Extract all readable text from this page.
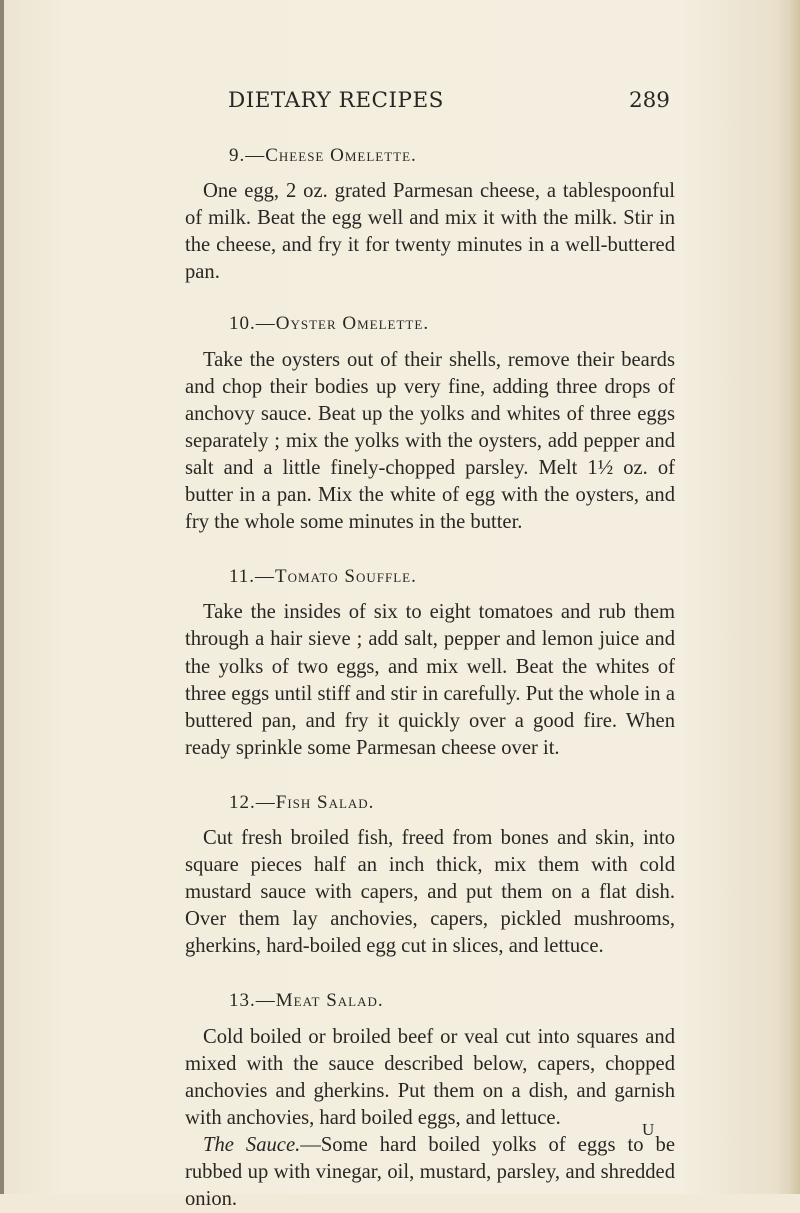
DIETARY RECIPES	289
9.—Cheese Omelette.

One egg, 2 oz. grated Parmesan cheese, a tablespoonful of milk. Beat the egg well and mix it with the milk. Stir in the cheese, and fry it for twenty minutes in a well-buttered pan.

10.—Oyster Omelette.

Take the oysters out of their shells, remove their beards and chop their bodies up very fine, adding three drops of anchovy sauce. Beat up the yolks and whites of three eggs separately ; mix the yolks with the oysters, add pepper and salt and a little finely-chopped parsley. Melt 1½ oz. of butter in a pan. Mix the white of egg with the oysters, and fry the whole some minutes in the butter.

11.—Tomato Souffle.

Take the insides of six to eight tomatoes and rub them through a hair sieve ; add salt, pepper and lemon juice and the yolks of two eggs, and mix well. Beat the whites of three eggs until stiff and stir in carefully. Put the whole in a buttered pan, and fry it quickly over a good fire. When ready sprinkle some Parmesan cheese over it.

12.—Fish Salad.

Cut fresh broiled fish, freed from bones and skin, into square pieces half an inch thick, mix them with cold mustard sauce with capers, and put them on a flat dish. Over them lay anchovies, capers, pickled mushrooms, gherkins, hard-boiled egg cut in slices, and lettuce.

13.—Meat Salad.

Cold boiled or broiled beef or veal cut into squares and mixed with the sauce described below, capers, chopped anchovies and gherkins. Put them on a dish, and garnish with anchovies, hard boiled eggs, and lettuce.

The Sauce.—Some hard boiled yolks of eggs to be rubbed up with vinegar, oil, mustard, parsley, and shredded onion.

U
